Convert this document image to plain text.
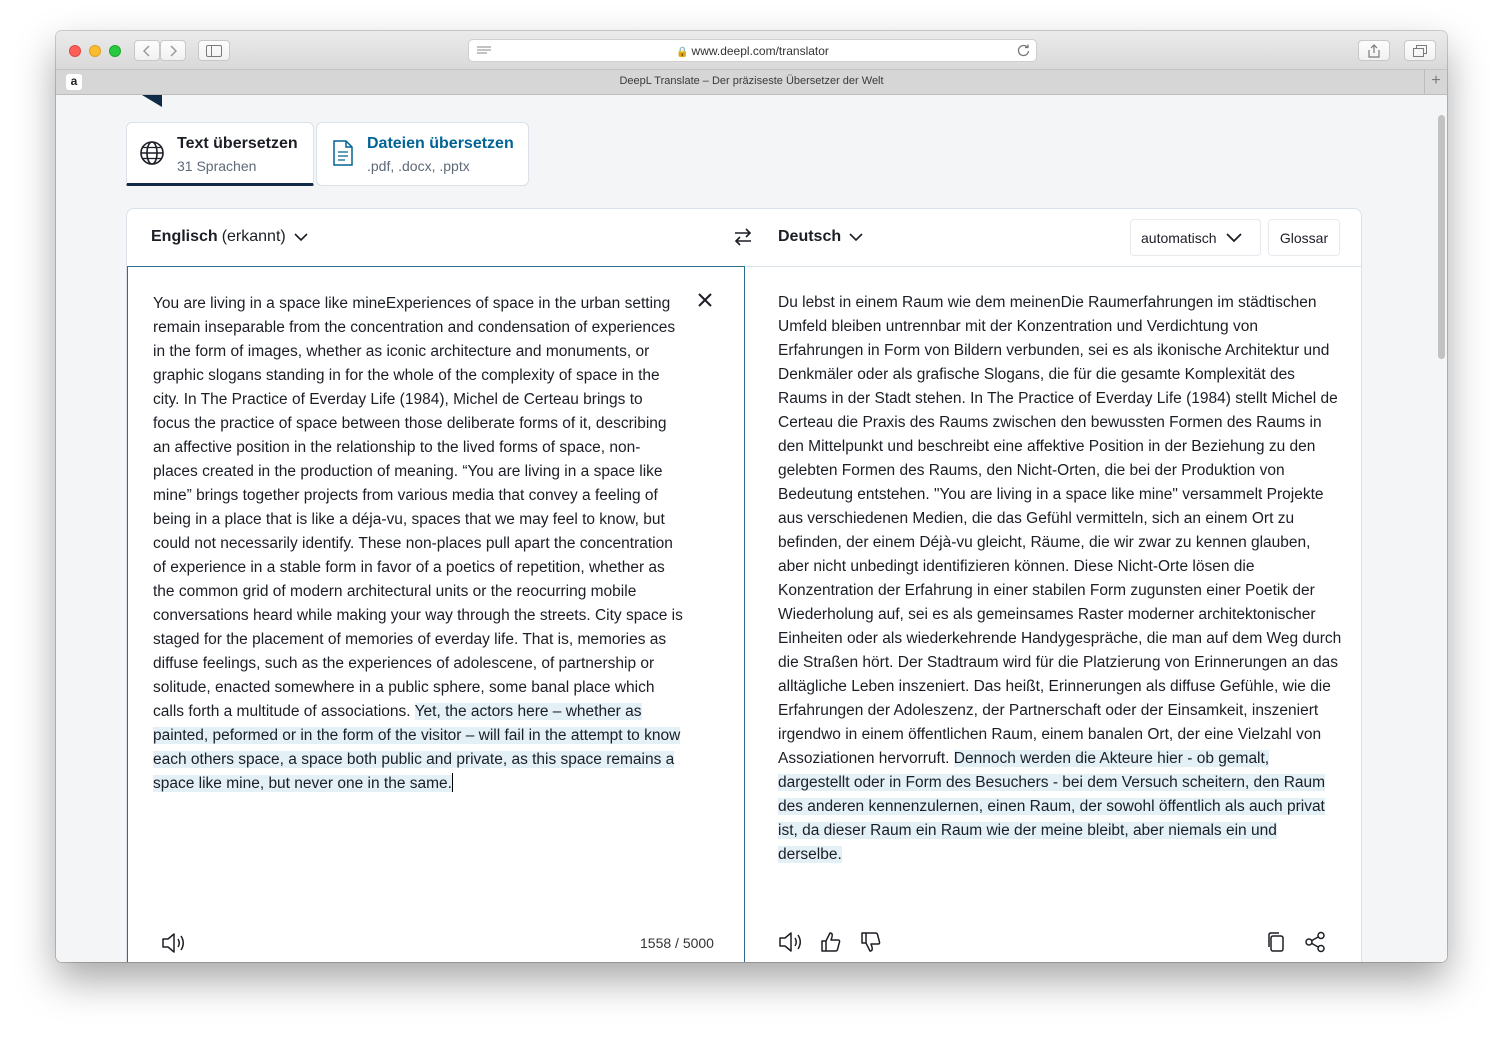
🔒 www.deepl.com/translator
a	DeepL Translate – Der präziseste Übersetzer der Welt	+
Text übersetzen
31 Sprachen
Dateien übersetzen
.pdf, .docx, .pptx
Englisch (erkannt)	Deutsch	automatisch	Glossar
You are living in a space like mineExperiences of space in the urban setting remain inseparable from the concentration and condensation of experiences in the form of images, whether as iconic architecture and monuments, or graphic slogans standing in for the whole of the complexity of space in the city. In The Practice of Everday Life (1984), Michel de Certeau brings to focus the practice of space between those deliberate forms of it, describing an affective position in the relationship to the lived forms of space, non-places created in the production of meaning. “You are living in a space like mine” brings together projects from various media that convey a feeling of being in a place that is like a déja-vu, spaces that we may feel to know, but could not necessarily identify. These non-places pull apart the concentration of experience in a stable form in favor of a poetics of repetition, whether as the common grid of modern architectural units or the reocurring mobile conversations heard while making your way through the streets. City space is staged for the placement of memories of everday life. That is, memories as diffuse feelings, such as the experiences of adolescene, of partnership or solitude, enacted somewhere in a public sphere, some banal place which calls forth a multitude of associations. Yet, the actors here – whether as painted, peformed or in the form of the visitor – will fail in the attempt to know each others space, a space both public and private, as this space remains a space like mine, but never one in the same.
1558 / 5000
Du lebst in einem Raum wie dem meinenDie Raumerfahrungen im städtischen Umfeld bleiben untrennbar mit der Konzentration und Verdichtung von Erfahrungen in Form von Bildern verbunden, sei es als ikonische Architektur und Denkmäler oder als grafische Slogans, die für die gesamte Komplexität des Raums in der Stadt stehen. In The Practice of Everday Life (1984) stellt Michel de Certeau die Praxis des Raums zwischen den bewussten Formen des Raums in den Mittelpunkt und beschreibt eine affektive Position in der Beziehung zu den gelebten Formen des Raums, den Nicht-Orten, die bei der Produktion von Bedeutung entstehen. "You are living in a space like mine" versammelt Projekte aus verschiedenen Medien, die das Gefühl vermitteln, sich an einem Ort zu befinden, der einem Déjà-vu gleicht, Räume, die wir zwar zu kennen glauben, aber nicht unbedingt identifizieren können. Diese Nicht-Orte lösen die Konzentration der Erfahrung in einer stabilen Form zugunsten einer Poetik der Wiederholung auf, sei es als gemeinsames Raster moderner architektonischer Einheiten oder als wiederkehrende Handygespräche, die man auf dem Weg durch die Straßen hört. Der Stadtraum wird für die Platzierung von Erinnerungen an das alltägliche Leben inszeniert. Das heißt, Erinnerungen als diffuse Gefühle, wie die Erfahrungen der Adoleszenz, der Partnerschaft oder der Einsamkeit, inszeniert irgendwo in einem öffentlichen Raum, einem banalen Ort, der eine Vielzahl von Assoziationen hervorruft. Dennoch werden die Akteure hier - ob gemalt, dargestellt oder in Form des Besuchers - bei dem Versuch scheitern, den Raum des anderen kennenzulernen, einen Raum, der sowohl öffentlich als auch privat ist, da dieser Raum ein Raum wie der meine bleibt, aber niemals ein und derselbe.
